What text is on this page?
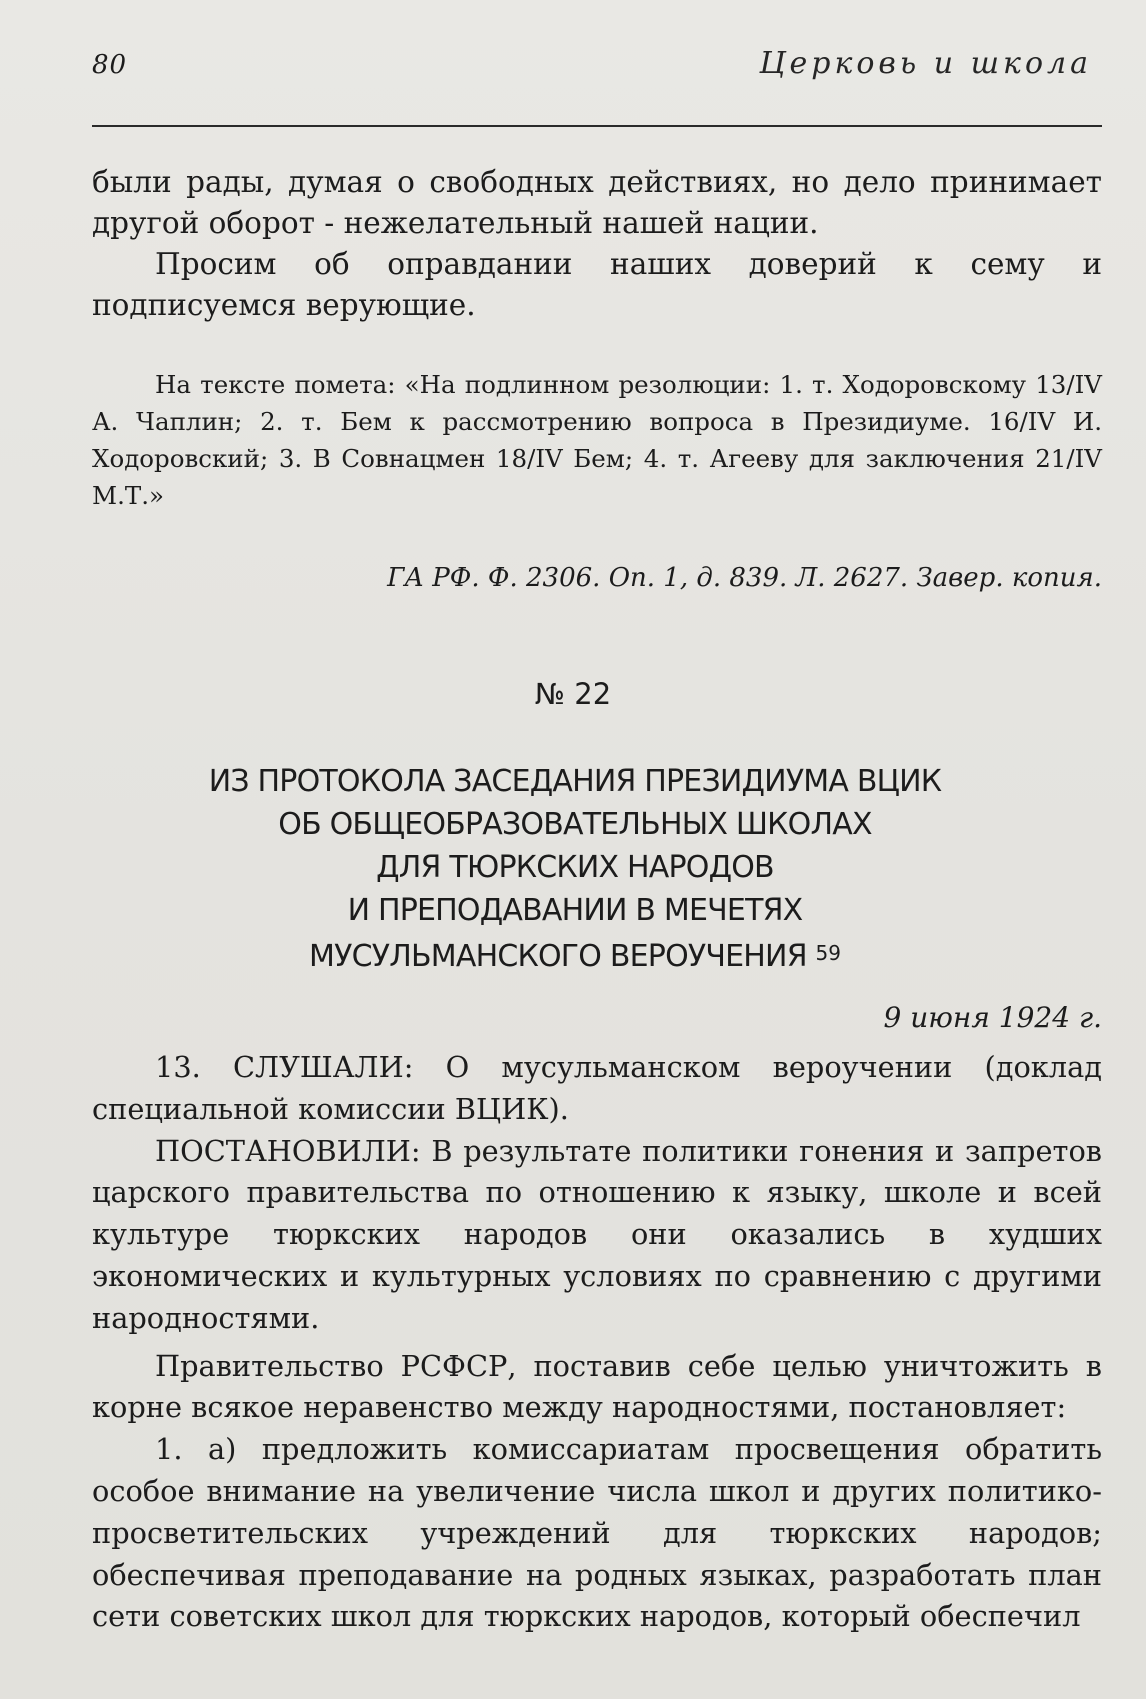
80	Церковь и школа

были рады, думая о свободных действиях, но дело принимает другой оборот - нежелательный нашей нации.

Просим об оправдании наших доверий к сему и подписуемся верующие.

На тексте помета: «На подлинном резолюции: 1. т. Ходоровскому 13/IV А. Чаплин; 2. т. Бем к рассмотрению вопроса в Президиуме. 16/IV И. Ходоровский; 3. В Совнацмен 18/IV Бем; 4. т. Агееву для заключения 21/IV М.Т.»

ГА РФ. Ф. 2306. Оп. 1, д. 839. Л. 2627. Завер. копия.
№ 22
ИЗ ПРОТОКОЛА ЗАСЕДАНИЯ ПРЕЗИДИУМА ВЦИК
ОБ ОБЩЕОБРАЗОВАТЕЛЬНЫХ ШКОЛАХ
ДЛЯ ТЮРКСКИХ НАРОДОВ
И ПРЕПОДАВАНИИ В МЕЧЕТЯХ
МУСУЛЬМАНСКОГО ВЕРОУЧЕНИЯ $^{59}$
9 июня 1924 г.

13. СЛУШАЛИ: О мусульманском вероучении (доклад специальной комиссии ВЦИК).

ПОСТАНОВИЛИ: В результате политики гонения и запретов царского правительства по отношению к языку, школе и всей культуре тюркских народов они оказались в худших экономических и культурных условиях по сравнению с другими народностями.

Правительство РСФСР, поставив себе целью уничтожить в корне всякое неравенство между народностями, постановляет:

1. а) предложить комиссариатам просвещения обратить особое внимание на увеличение числа школ и других политико-просветительских учреждений для тюркских народов; обеспечивая преподавание на родных языках, разработать план сети советских школ для тюркских народов, который обеспечил
